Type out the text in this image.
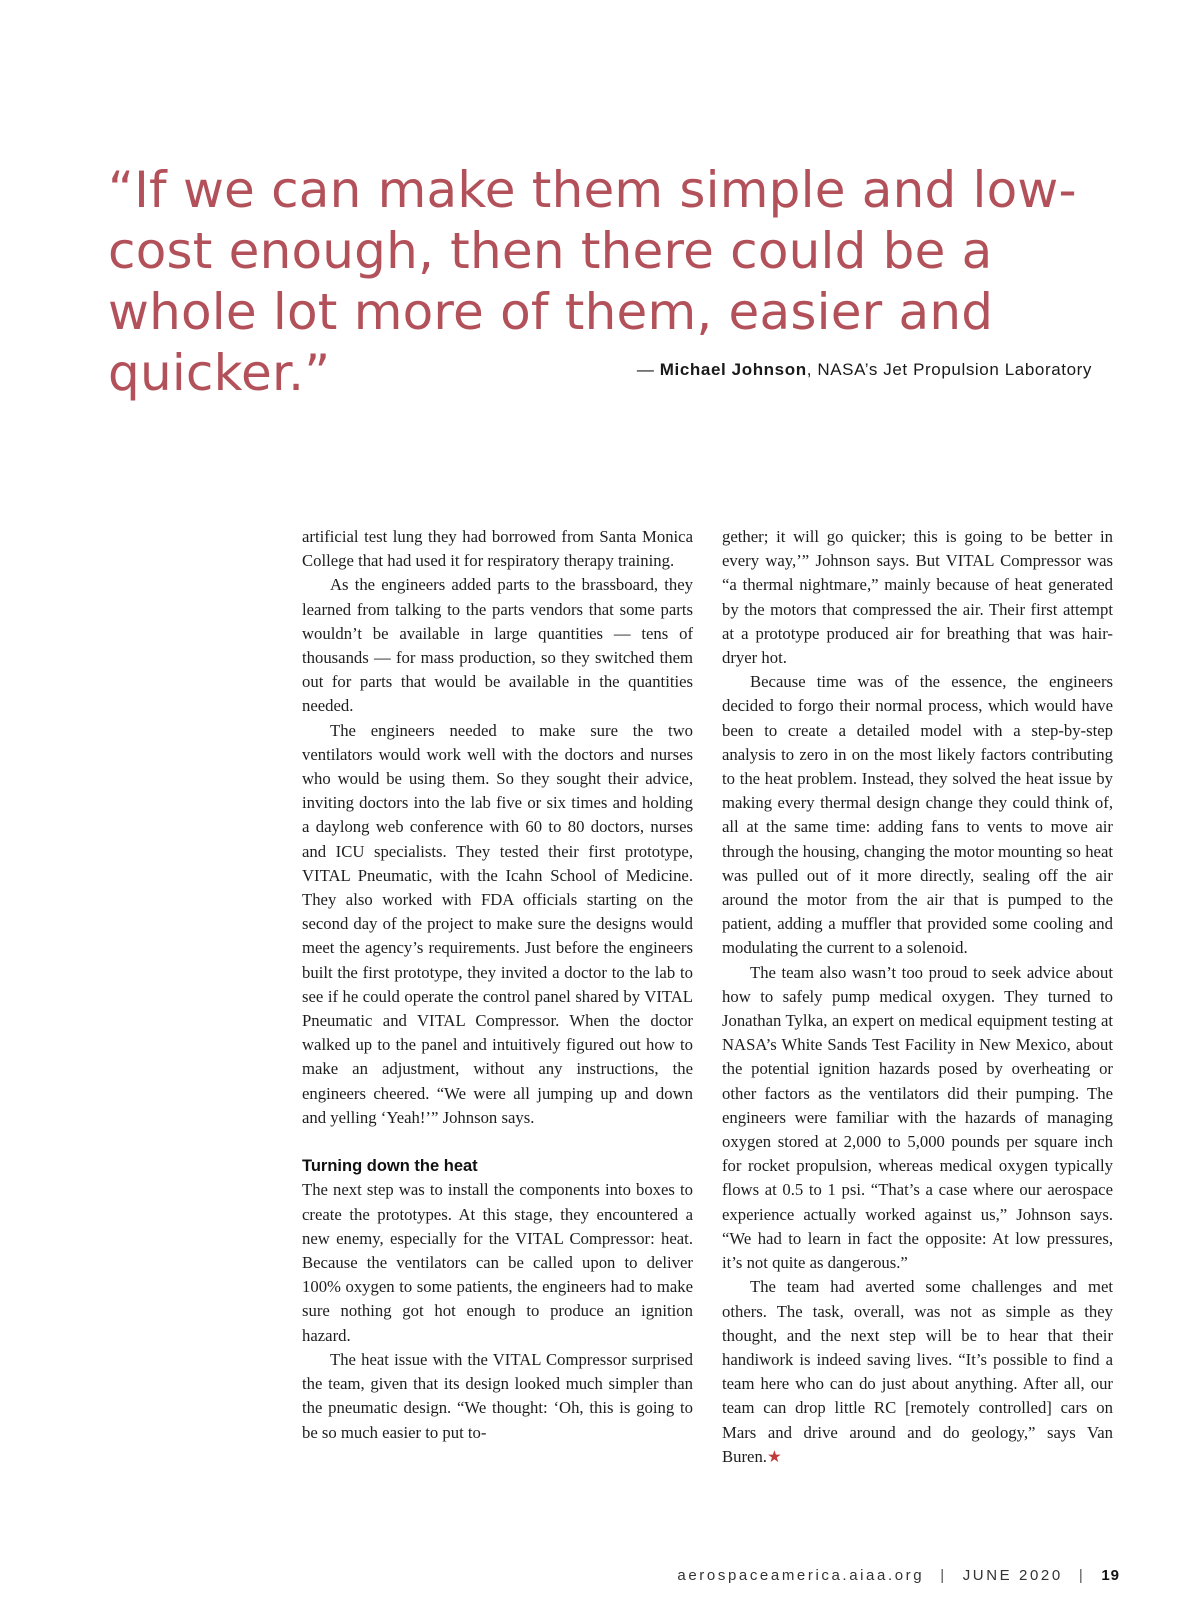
“If we can make them simple and low-cost enough, then there could be a whole lot more of them, easier and quicker.”	— Michael Johnson, NASA’s Jet Propulsion Laboratory

artificial test lung they had borrowed from Santa Monica College that had used it for respiratory therapy training.

As the engineers added parts to the brassboard, they learned from talking to the parts vendors that some parts wouldn’t be available in large quantities — tens of thousands — for mass production, so they switched them out for parts that would be available in the quantities needed.

The engineers needed to make sure the two ventilators would work well with the doctors and nurses who would be using them. So they sought their advice, inviting doctors into the lab five or six times and holding a daylong web conference with 60 to 80 doctors, nurses and ICU specialists. They tested their first prototype, VITAL Pneumatic, with the Icahn School of Medicine. They also worked with FDA officials starting on the second day of the project to make sure the designs would meet the agency’s requirements. Just before the engineers built the first prototype, they invited a doctor to the lab to see if he could operate the control panel shared by VITAL Pneumatic and VITAL Compressor. When the doctor walked up to the panel and intuitively figured out how to make an adjustment, without any instructions, the engineers cheered. “We were all jumping up and down and yelling ‘Yeah!’” Johnson says.

Turning down the heat

The next step was to install the components into boxes to create the prototypes. At this stage, they encountered a new enemy, especially for the VITAL Compressor: heat. Because the ventilators can be called upon to deliver 100% oxygen to some patients, the engineers had to make sure nothing got hot enough to produce an ignition hazard.

The heat issue with the VITAL Compressor surprised the team, given that its design looked much simpler than the pneumatic design. “We thought: ‘Oh, this is going to be so much easier to put to-

gether; it will go quicker; this is going to be better in every way,’” Johnson says. But VITAL Compressor was “a thermal nightmare,” mainly because of heat generated by the motors that compressed the air. Their first attempt at a prototype produced air for breathing that was hair-dryer hot.

Because time was of the essence, the engineers decided to forgo their normal process, which would have been to create a detailed model with a step-by-step analysis to zero in on the most likely factors contributing to the heat problem. Instead, they solved the heat issue by making every thermal design change they could think of, all at the same time: adding fans to vents to move air through the housing, changing the motor mounting so heat was pulled out of it more directly, sealing off the air around the motor from the air that is pumped to the patient, adding a muffler that provided some cooling and modulating the current to a solenoid.

The team also wasn’t too proud to seek advice about how to safely pump medical oxygen. They turned to Jonathan Tylka, an expert on medical equipment testing at NASA’s White Sands Test Facility in New Mexico, about the potential ignition hazards posed by overheating or other factors as the ventilators did their pumping. The engineers were familiar with the hazards of managing oxygen stored at 2,000 to 5,000 pounds per square inch for rocket propulsion, whereas medical oxygen typically flows at 0.5 to 1 psi. “That’s a case where our aerospace experience actually worked against us,” Johnson says. “We had to learn in fact the opposite: At low pressures, it’s not quite as dangerous.”

The team had averted some challenges and met others. The task, overall, was not as simple as they thought, and the next step will be to hear that their handiwork is indeed saving lives. “It’s possible to find a team here who can do just about anything. After all, our team can drop little RC [remotely controlled] cars on Mars and drive around and do geology,” says Van Buren.★

aerospaceamerica.aiaa.org | JUNE 2020 | 19
